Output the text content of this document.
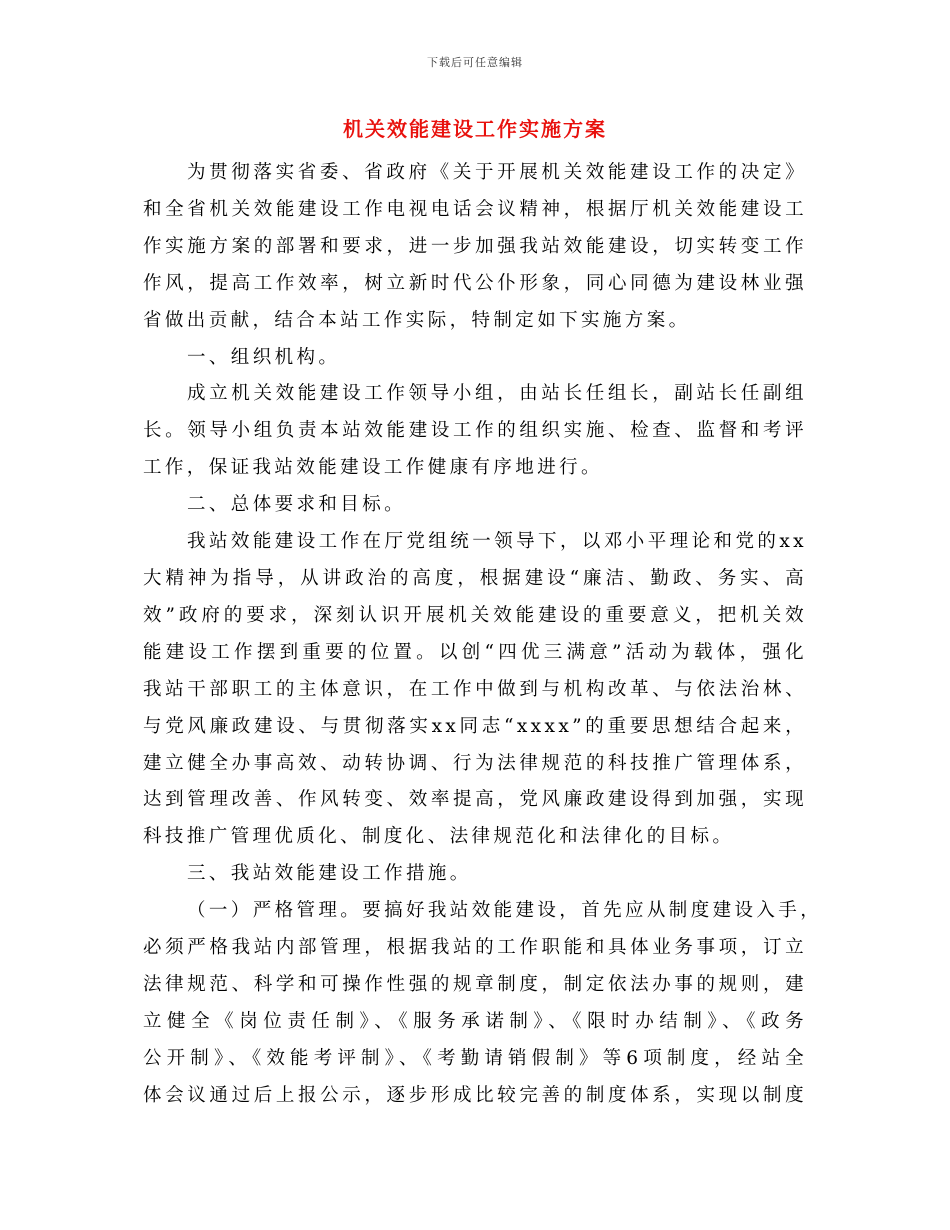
下载后可任意编辑
机关效能建设工作实施方案
为贯彻落实省委、省政府《关于开展机关效能建设工作的决定》
和全省机关效能建设工作电视电话会议精神，根据厅机关效能建设工
作实施方案的部署和要求，进一步加强我站效能建设，切实转变工作
作风，提高工作效率，树立新时代公仆形象，同心同德为建设林业强
省做出贡献，结合本站工作实际，特制定如下实施方案。
一、组织机构。
成立机关效能建设工作领导小组，由站长任组长，副站长任副组
长。领导小组负责本站效能建设工作的组织实施、检查、监督和考评
工作，保证我站效能建设工作健康有序地进行。
二、总体要求和目标。
我站效能建设工作在厅党组统一领导下，以邓小平理论和党的xx
大精神为指导，从讲政治的高度，根据建设“廉洁、勤政、务实、高
效”政府的要求，深刻认识开展机关效能建设的重要意义，把机关效
能建设工作摆到重要的位置。以创“四优三满意”活动为载体，强化
我站干部职工的主体意识，在工作中做到与机构改革、与依法治林、
与党风廉政建设、与贯彻落实xx同志“xxxx”的重要思想结合起来，
建立健全办事高效、动转协调、行为法律规范的科技推广管理体系，
达到管理改善、作风转变、效率提高，党风廉政建设得到加强，实现
科技推广管理优质化、制度化、法律规范化和法律化的目标。
三、我站效能建设工作措施。
（一）严格管理。要搞好我站效能建设，首先应从制度建设入手，
必须严格我站内部管理，根据我站的工作职能和具体业务事项，订立
法律规范、科学和可操作性强的规章制度，制定依法办事的规则，建
立健全《岗位责任制》、《服务承诺制》、《限时办结制》、《政务
公开制》、《效能考评制》、《考勤请销假制》等6项制度，经站全
体会议通过后上报公示，逐步形成比较完善的制度体系，实现以制度
